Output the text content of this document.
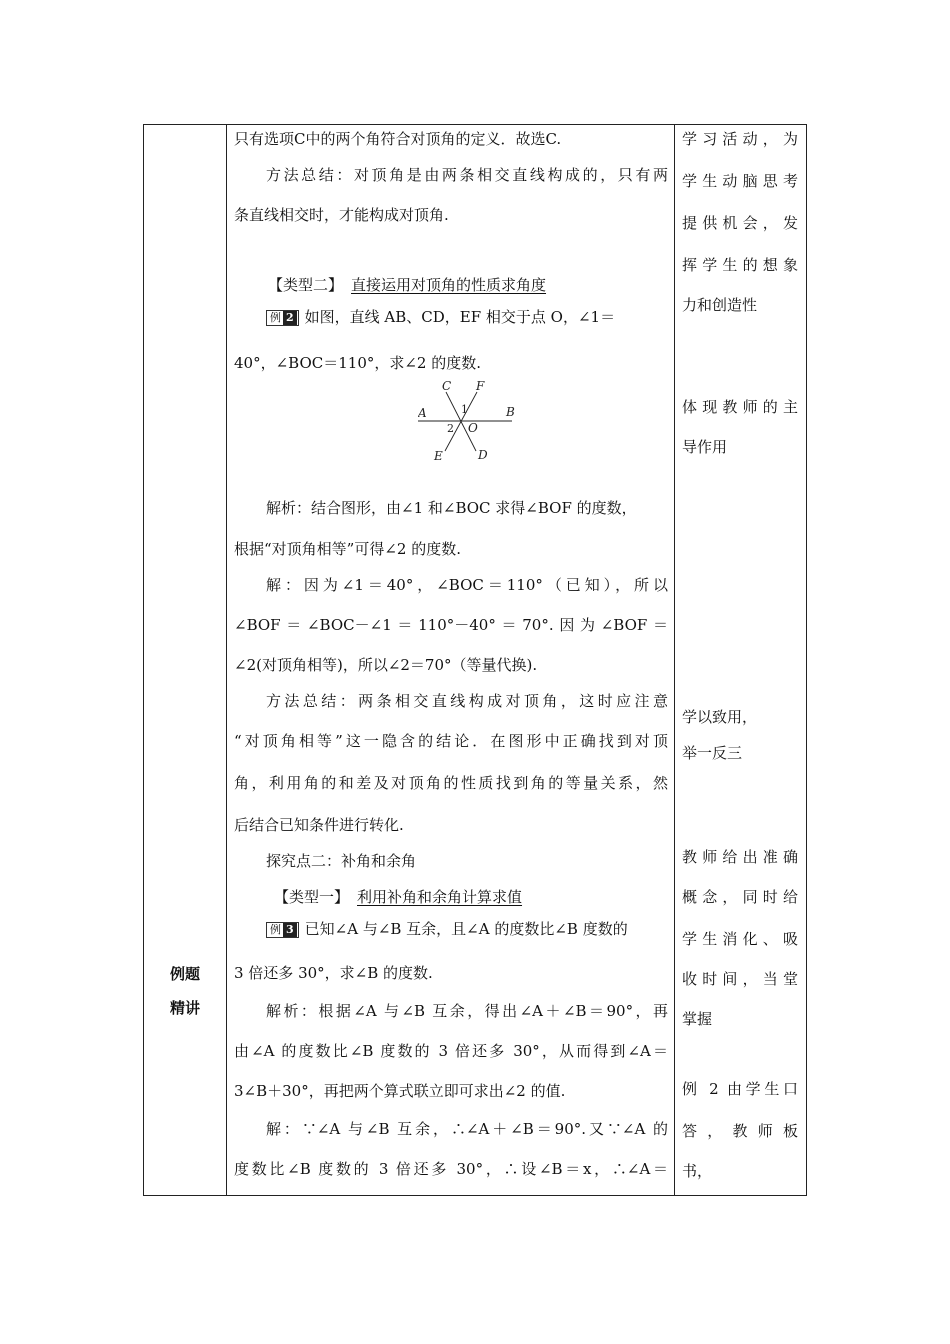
例题
精讲
只有选项C中的两个角符合对顶角的定义．故选C.
方法总结：对顶角是由两条相交直线构成的，只有两
条直线相交时，才能构成对顶角.
【类型二】 直接运用对顶角的性质求角度
例 2 如图，直线 AB、CD，EF 相交于点 O，∠1＝
40°，∠BOC＝110°，求∠2 的度数.
C F
A	B
1
2 O
E	D
解析：结合图形，由∠1 和∠BOC 求得∠BOF 的度数，
根据“对顶角相等”可得∠2 的度数.
解：因为∠1＝40°，∠BOC＝110°（已知），所以
∠BOF＝∠BOC－∠1＝110°－40°＝70°.因为∠BOF＝
∠2(对顶角相等)，所以∠2＝70°（等量代换).
方法总结：两条相交直线构成对顶角，这时应注意
“对顶角相等”这一隐含的结论．在图形中正确找到对顶
角，利用角的和差及对顶角的性质找到角的等量关系，然
后结合已知条件进行转化.
探究点二：补角和余角
【类型一】 利用补角和余角计算求值
例 3 已知∠A 与∠B 互余，且∠A 的度数比∠B 度数的
3 倍还多 30°，求∠B 的度数.
解析：根据∠A 与∠B 互余，得出∠A＋∠B＝90°，再
由∠A 的度数比∠B 度数的 3 倍还多 30°，从而得到∠A＝
3∠B＋30°，再把两个算式联立即可求出∠2 的值.
解：∵∠A 与∠B 互余，∴∠A＋∠B＝90°.又∵∠A 的
度数比∠B 度数的 3 倍还多 30°，∴设∠B＝x，∴∠A＝
学习活动，为
学生动脑思考
提供机会，发
挥学生的想象
力和创造性
体现教师的主
导作用
学以致用，
举一反三
教师给出准确
概念，同时给
学生消化、吸
收时间，当堂
掌握
例 2 由学生口
答，教师板
书，
